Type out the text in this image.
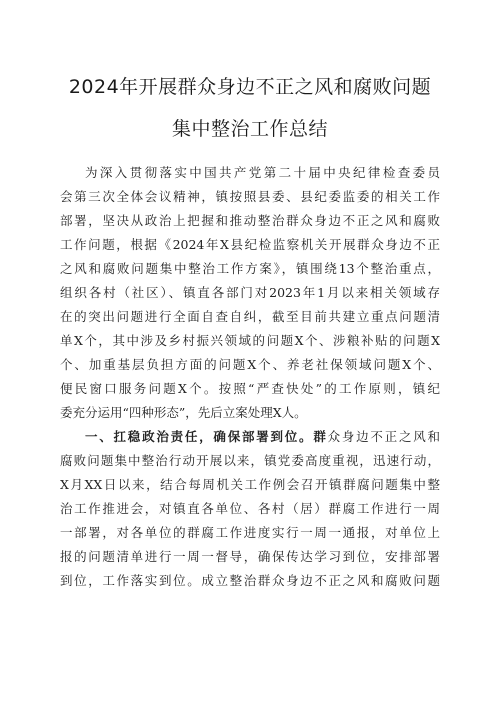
2024年开展群众身边不正之风和腐败问题
集中整治工作总结
为深入贯彻落实中国共产党第二十届中央纪律检查委员
会第三次全体会议精神，镇按照县委、县纪委监委的相关工作
部署，坚决从政治上把握和推动整治群众身边不正之风和腐败
工作问题，根据《2024年X县纪检监察机关开展群众身边不正
之风和腐败问题集中整治工作方案》，镇围绕13个整治重点，
组织各村（社区）、镇直各部门对2023年1月以来相关领域存
在的突出问题进行全面自查自纠，截至目前共建立重点问题清
单X个，其中涉及乡村振兴领域的问题X个、涉粮补贴的问题X
个、加重基层负担方面的问题X个、养老社保领域问题X个、
便民窗口服务问题X个。按照“严查快处”的工作原则，镇纪
委充分运用“四种形态”，先后立案处理X人。
一、扛稳政治责任，确保部署到位。群众身边不正之风和
腐败问题集中整治行动开展以来，镇党委高度重视，迅速行动，
X月XX日以来，结合每周机关工作例会召开镇群腐问题集中整
治工作推进会，对镇直各单位、各村（居）群腐工作进行一周
一部署，对各单位的群腐工作进度实行一周一通报，对单位上
报的问题清单进行一周一督导，确保传达学习到位，安排部署
到位，工作落实到位。成立整治群众身边不正之风和腐败问题
